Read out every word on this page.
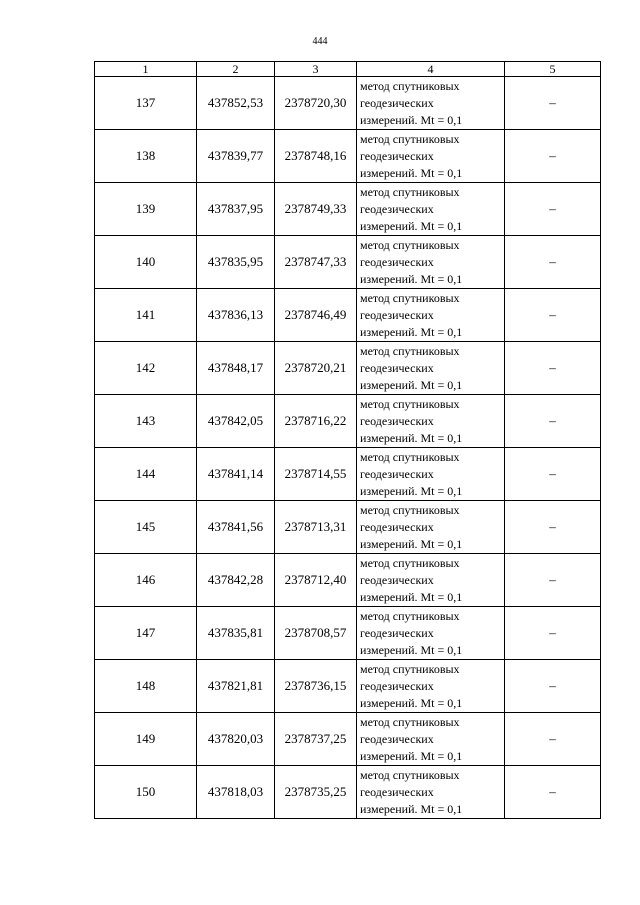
444
1	2	3	4	5
137	437852,53	2378720,30	метод спутниковых
геодезических
измерений. Mt = 0,1	–
138	437839,77	2378748,16	метод спутниковых
геодезических
измерений. Mt = 0,1	–
139	437837,95	2378749,33	метод спутниковых
геодезических
измерений. Mt = 0,1	–
140	437835,95	2378747,33	метод спутниковых
геодезических
измерений. Mt = 0,1	–
141	437836,13	2378746,49	метод спутниковых
геодезических
измерений. Mt = 0,1	–
142	437848,17	2378720,21	метод спутниковых
геодезических
измерений. Mt = 0,1	–
143	437842,05	2378716,22	метод спутниковых
геодезических
измерений. Mt = 0,1	–
144	437841,14	2378714,55	метод спутниковых
геодезических
измерений. Mt = 0,1	–
145	437841,56	2378713,31	метод спутниковых
геодезических
измерений. Mt = 0,1	–
146	437842,28	2378712,40	метод спутниковых
геодезических
измерений. Mt = 0,1	–
147	437835,81	2378708,57	метод спутниковых
геодезических
измерений. Mt = 0,1	–
148	437821,81	2378736,15	метод спутниковых
геодезических
измерений. Mt = 0,1	–
149	437820,03	2378737,25	метод спутниковых
геодезических
измерений. Mt = 0,1	–
150	437818,03	2378735,25	метод спутниковых
геодезических
измерений. Mt = 0,1	–
